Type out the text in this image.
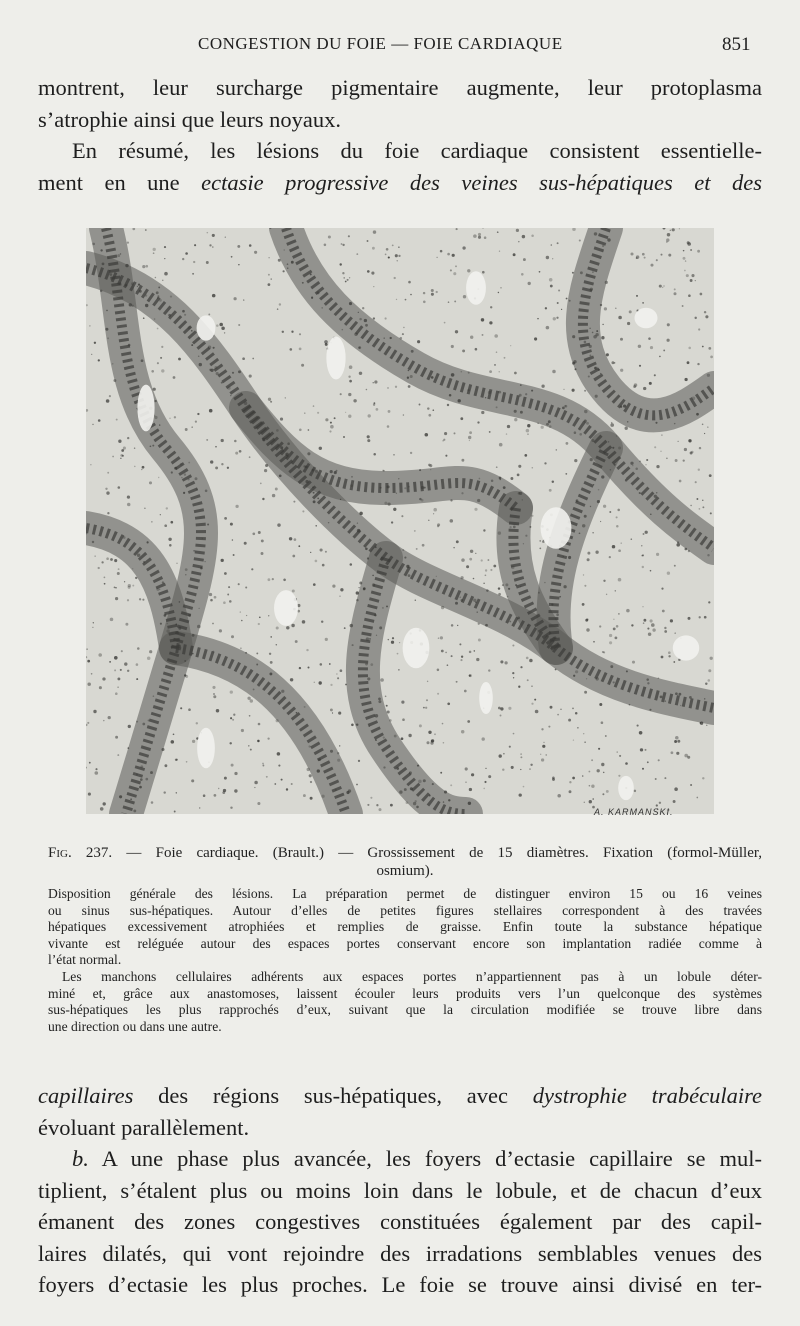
CONGESTION DU FOIE — FOIE CARDIAQUE	851
montrent, leur surcharge pigmentaire augmente, leur protoplasma
s’atrophie ainsi que leurs noyaux.
En résumé, les lésions du foie cardiaque consistent essentielle-
ment en une ectasie progressive des veines sus-hépatiques et des
A. KARMANSKI.
Fig. 237. — Foie cardiaque. (Brault.) — Grossissement de 15 diamètres. Fixation (formol-Müller,
osmium).
Disposition générale des lésions. La préparation permet de distinguer environ 15 ou 16 veines
ou sinus sus-hépatiques. Autour d’elles de petites figures stellaires correspondent à des travées
hépatiques excessivement atrophiées et remplies de graisse. Enfin toute la substance hépatique
vivante est reléguée autour des espaces portes conservant encore son implantation radiée comme à
l’état normal.
Les manchons cellulaires adhérents aux espaces portes n’appartiennent pas à un lobule déter-
miné et, grâce aux anastomoses, laissent écouler leurs produits vers l’un quelconque des systèmes
sus-hépatiques les plus rapprochés d’eux, suivant que la circulation modifiée se trouve libre dans
une direction ou dans une autre.
capillaires des régions sus-hépatiques, avec dystrophie trabéculaire
évoluant parallèlement.
b. A une phase plus avancée, les foyers d’ectasie capillaire se mul-
tiplient, s’étalent plus ou moins loin dans le lobule, et de chacun d’eux
émanent des zones congestives constituées également par des capil-
laires dilatés, qui vont rejoindre des irradations semblables venues des
foyers d’ectasie les plus proches. Le foie se trouve ainsi divisé en ter-
